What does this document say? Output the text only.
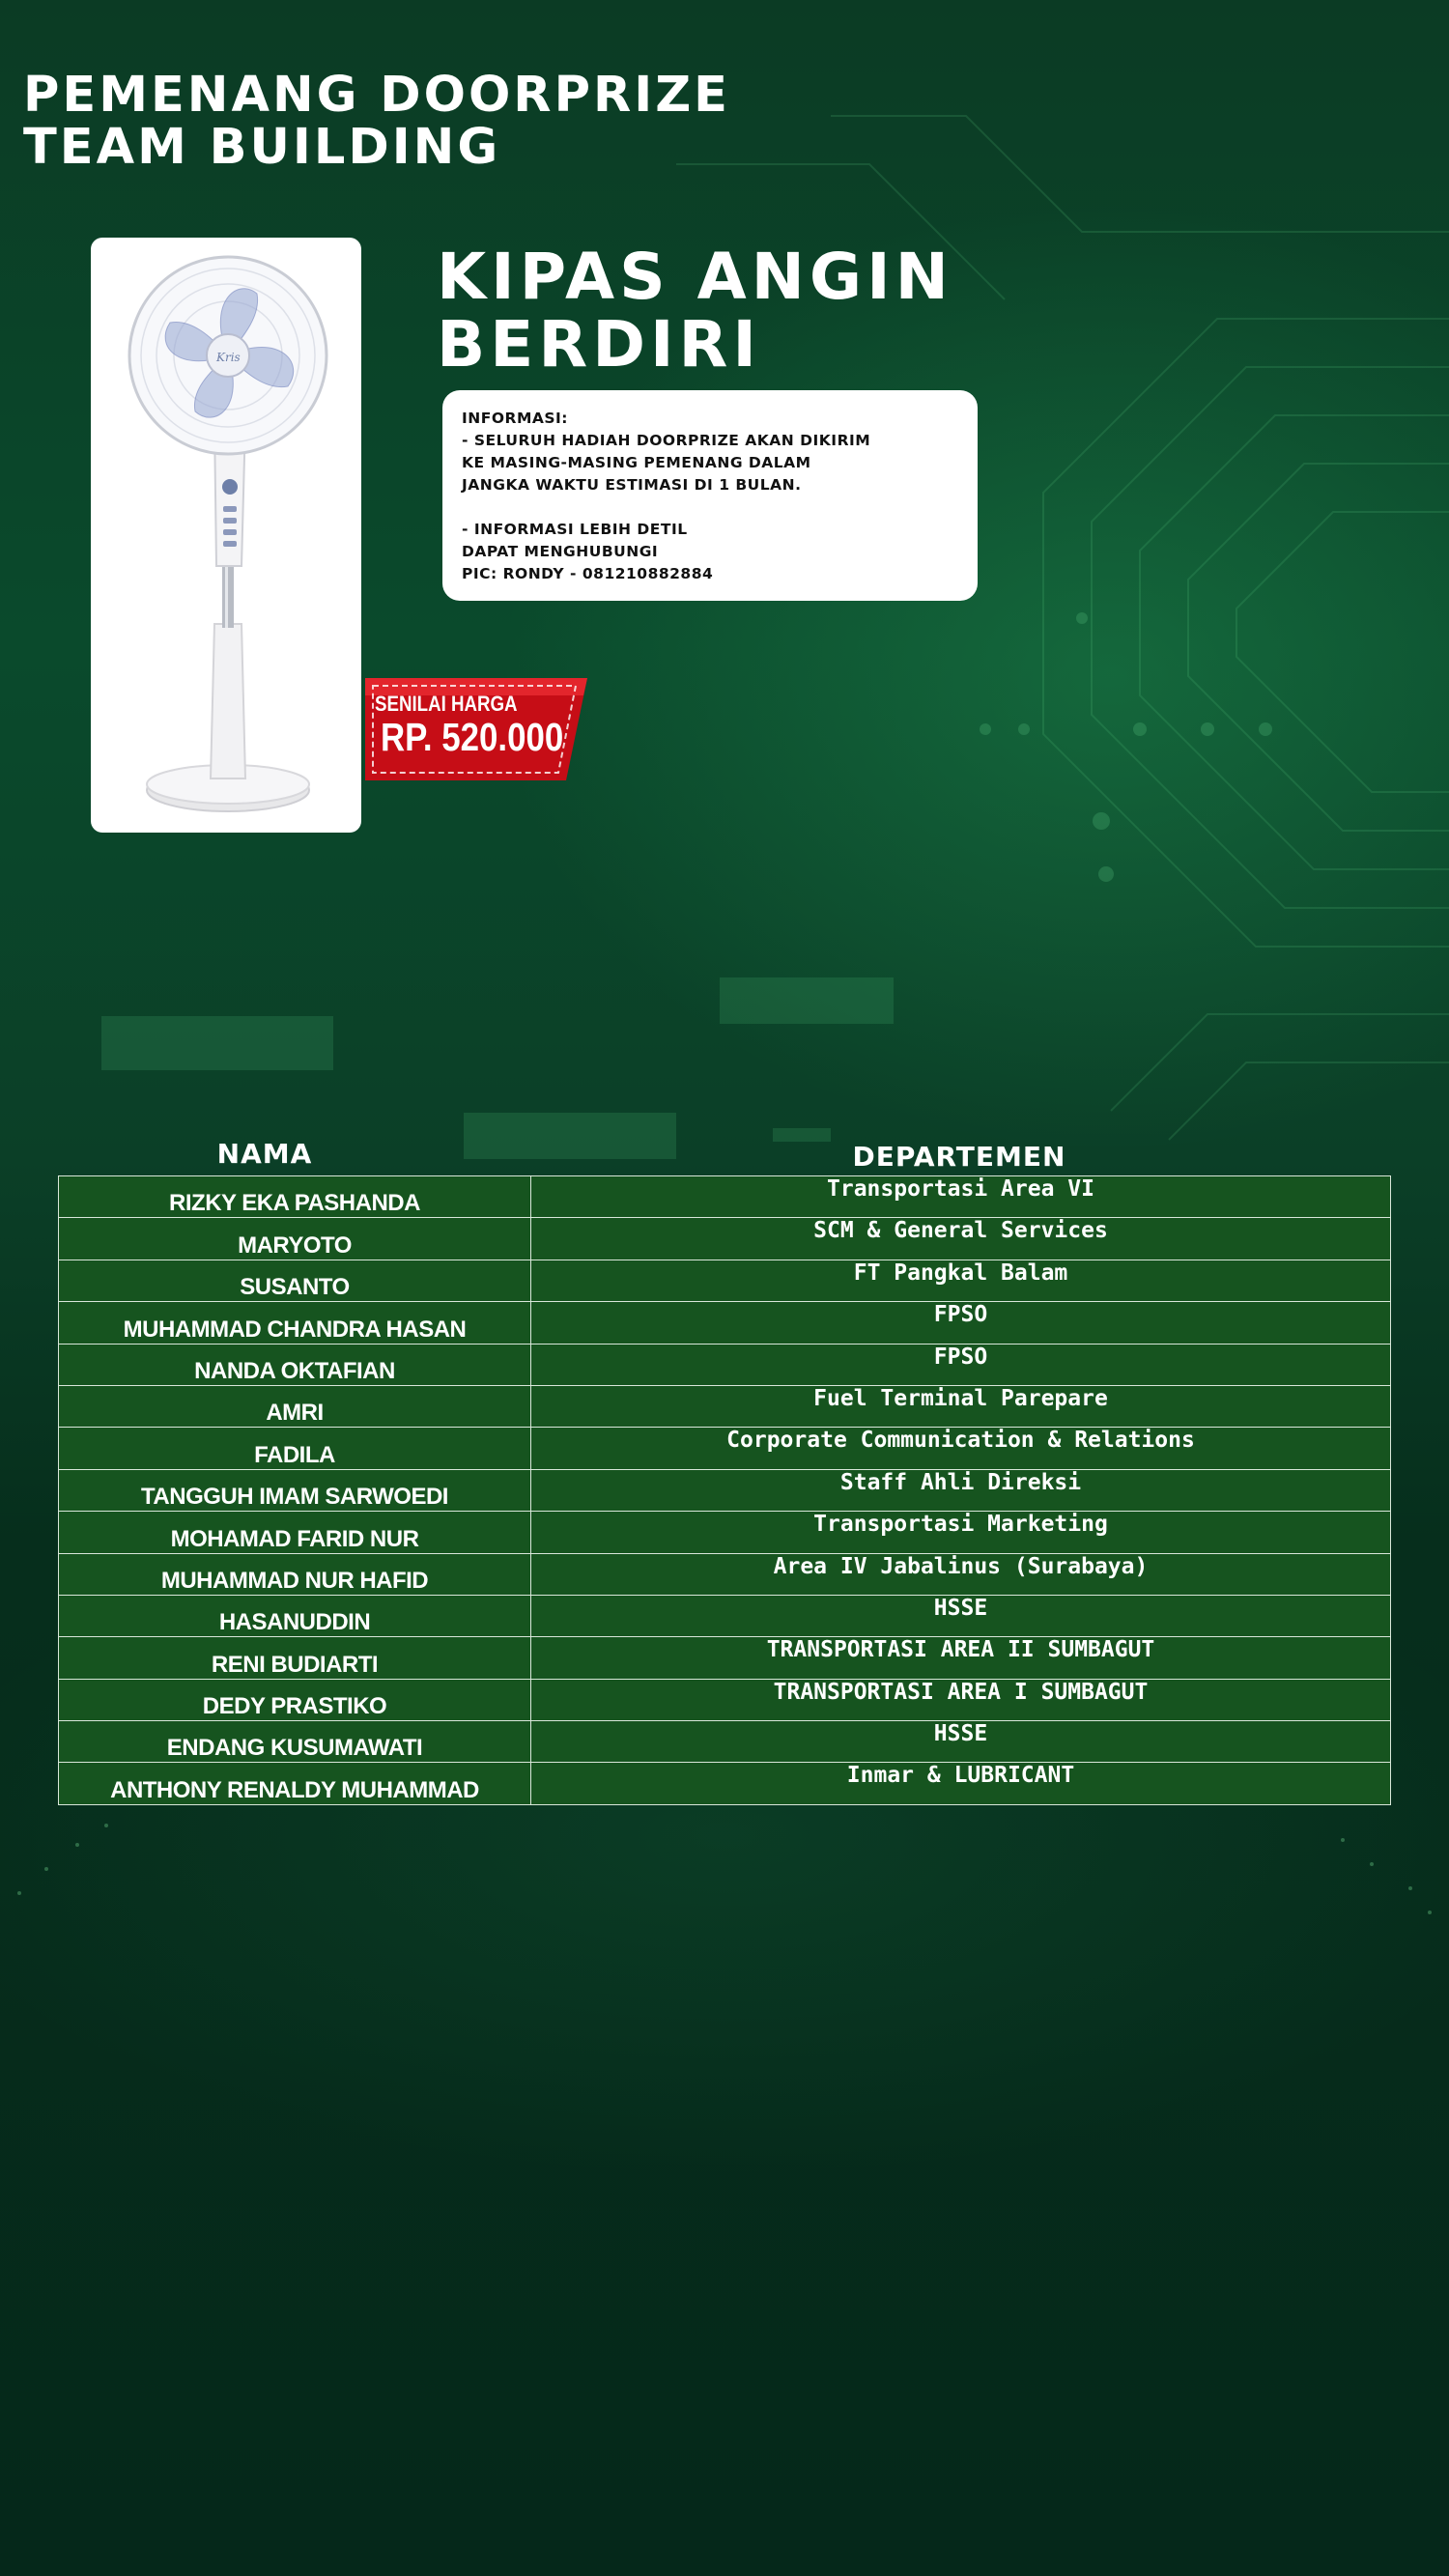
PEMENANG DOORPRIZE
TEAM BUILDING
Kris
SENILAI HARGA
RP. 520.000
KIPAS ANGIN
BERDIRI
INFORMASI:
- SELURUH HADIAH DOORPRIZE AKAN DIKIRIM
KE MASING-MASING PEMENANG DALAM
JANGKA WAKTU ESTIMASI DI 1 BULAN.
- INFORMASI LEBIH DETIL
DAPAT MENGHUBUNGI
PIC: RONDY - 081210882884
NAMA	DEPARTEMEN
RIZKY EKA PASHANDA	Transportasi Area VI
MARYOTO	SCM & General Services
SUSANTO	FT Pangkal Balam
MUHAMMAD CHANDRA HASAN	FPSO
NANDA OKTAFIAN	FPSO
AMRI	Fuel Terminal Parepare
FADILA	Corporate Communication & Relations
TANGGUH IMAM SARWOEDI	Staff Ahli Direksi
MOHAMAD FARID NUR	Transportasi Marketing
MUHAMMAD NUR HAFID	Area IV Jabalinus (Surabaya)
HASANUDDIN	HSSE
RENI BUDIARTI	TRANSPORTASI AREA II SUMBAGUT
DEDY PRASTIKO	TRANSPORTASI AREA I SUMBAGUT
ENDANG KUSUMAWATI	HSSE
ANTHONY RENALDY MUHAMMAD	Inmar & LUBRICANT
